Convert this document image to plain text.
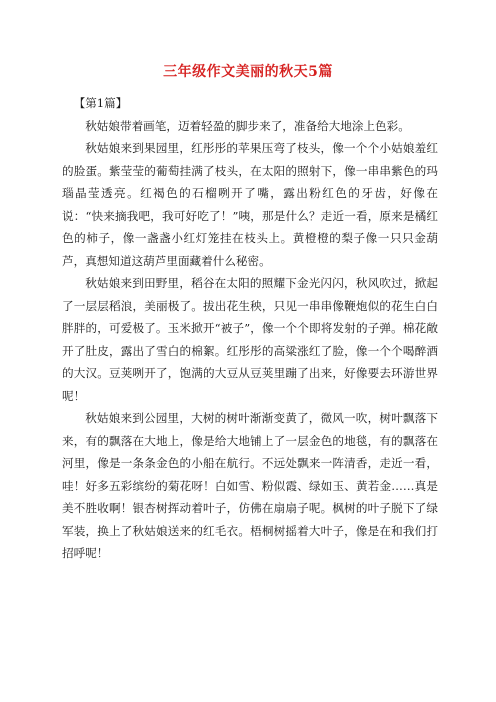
三年级作文美丽的秋天5篇

【第1篇】

秋姑娘带着画笔，迈着轻盈的脚步来了，准备给大地涂上色彩。

秋姑娘来到果园里，红彤彤的苹果压弯了枝头，像一个个小姑娘羞红的脸蛋。紫莹莹的葡萄挂满了枝头，在太阳的照射下，像一串串紫色的玛瑙晶莹透亮。红褐色的石榴咧开了嘴，露出粉红色的牙齿，好像在说：“快来摘我吧，我可好吃了！”咦，那是什么？走近一看，原来是橘红色的柿子，像一盏盏小红灯笼挂在枝头上。黄橙橙的梨子像一只只金葫芦，真想知道这葫芦里面藏着什么秘密。

秋姑娘来到田野里，稻谷在太阳的照耀下金光闪闪，秋风吹过，掀起了一层层稻浪，美丽极了。拔出花生秧，只见一串串像鞭炮似的花生白白胖胖的，可爱极了。玉米掀开“被子”，像一个个即将发射的子弹。棉花敞开了肚皮，露出了雪白的棉絮。红彤彤的高粱涨红了脸，像一个个喝醉酒的大汉。豆荚咧开了，饱满的大豆从豆荚里蹦了出来，好像要去环游世界呢！

秋姑娘来到公园里，大树的树叶渐渐变黄了，微风一吹，树叶飘落下来，有的飘落在大地上，像是给大地铺上了一层金色的地毯，有的飘落在河里，像是一条条金色的小船在航行。不远处飘来一阵清香，走近一看，哇！好多五彩缤纷的菊花呀！白如雪、粉似霞、绿如玉、黄若金……真是美不胜收啊！银杏树挥动着叶子，仿佛在扇扇子呢。枫树的叶子脱下了绿军装，换上了秋姑娘送来的红毛衣。梧桐树摇着大叶子，像是在和我们打招呼呢！
